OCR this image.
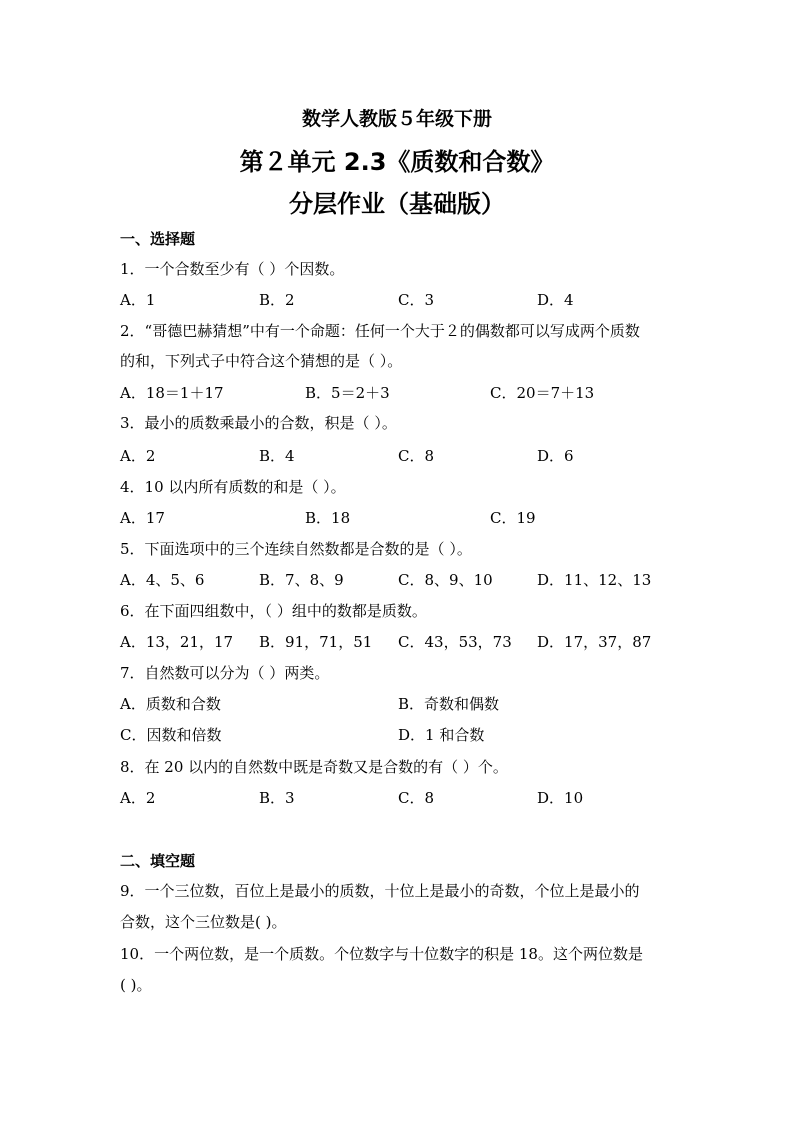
数学人教版５年级下册
第２单元 2.3《质数和合数》
分层作业（基础版）
一、选择题
1．一个合数至少有（ ）个因数。
A．1	B．2	C．3	D．4
2．“哥德巴赫猜想”中有一个命题：任何一个大于２的偶数都可以写成两个质数
的和，下列式子中符合这个猜想的是（ ）。
A．18＝1＋17	B．5＝2＋3	C．20＝7＋13
3．最小的质数乘最小的合数，积是（ ）。
A．2	B．4	C．8	D．6
4．10 以内所有质数的和是（ ）。
A．17	B．18	C．19
5．下面选项中的三个连续自然数都是合数的是（ ）。
A．4、5、6	B．7、8、9	C．8、9、10	D．11、12、13
6．在下面四组数中，（ ）组中的数都是质数。
A．13，21，17 B．91，71，51 C．43，53，73 D．17，37，87
7．自然数可以分为（ ）两类。
A．质数和合数	B．奇数和偶数
C．因数和倍数	D．1 和合数
8．在 20 以内的自然数中既是奇数又是合数的有（ ）个。
A．2	B．3	C．8	D．10
二、填空题
9．一个三位数，百位上是最小的质数，十位上是最小的奇数，个位上是最小的
合数，这个三位数是( )。
10．一个两位数，是一个质数。个位数字与十位数字的积是 18。这个两位数是
( )。
